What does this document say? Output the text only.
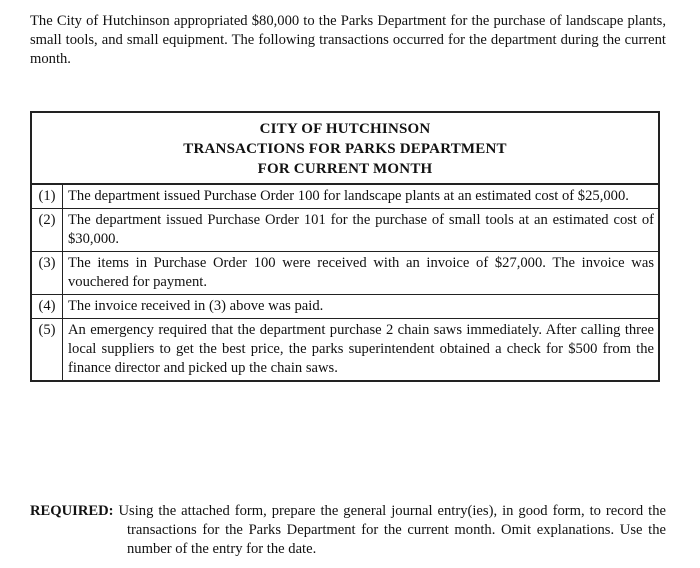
The City of Hutchinson appropriated $80,000 to the Parks Department for the purchase of landscape plants, small tools, and small equipment. The following transactions occurred for the department during the current month.

CITY OF HUTCHINSON
TRANSACTIONS FOR PARKS DEPARTMENT
FOR CURRENT MONTH	

(1)	The department issued Purchase Order 100 for landscape plants at an estimated cost of $25,000.
(2)	The department issued Purchase Order 101 for the purchase of small tools at an estimated cost of $30,000.
(3)	The items in Purchase Order 100 were received with an invoice of $27,000. The invoice was vouchered for payment.
(4)	The invoice received in (3) above was paid.
(5)	An emergency required that the department purchase 2 chain saws immediately. After calling three local suppliers to get the best price, the parks superintendent obtained a check for $500 from the finance director and picked up the chain saws.

REQUIRED: Using the attached form, prepare the general journal entry(ies), in good form, to record the transactions for the Parks Department for the current month. Omit explanations. Use the number of the entry for the date.
